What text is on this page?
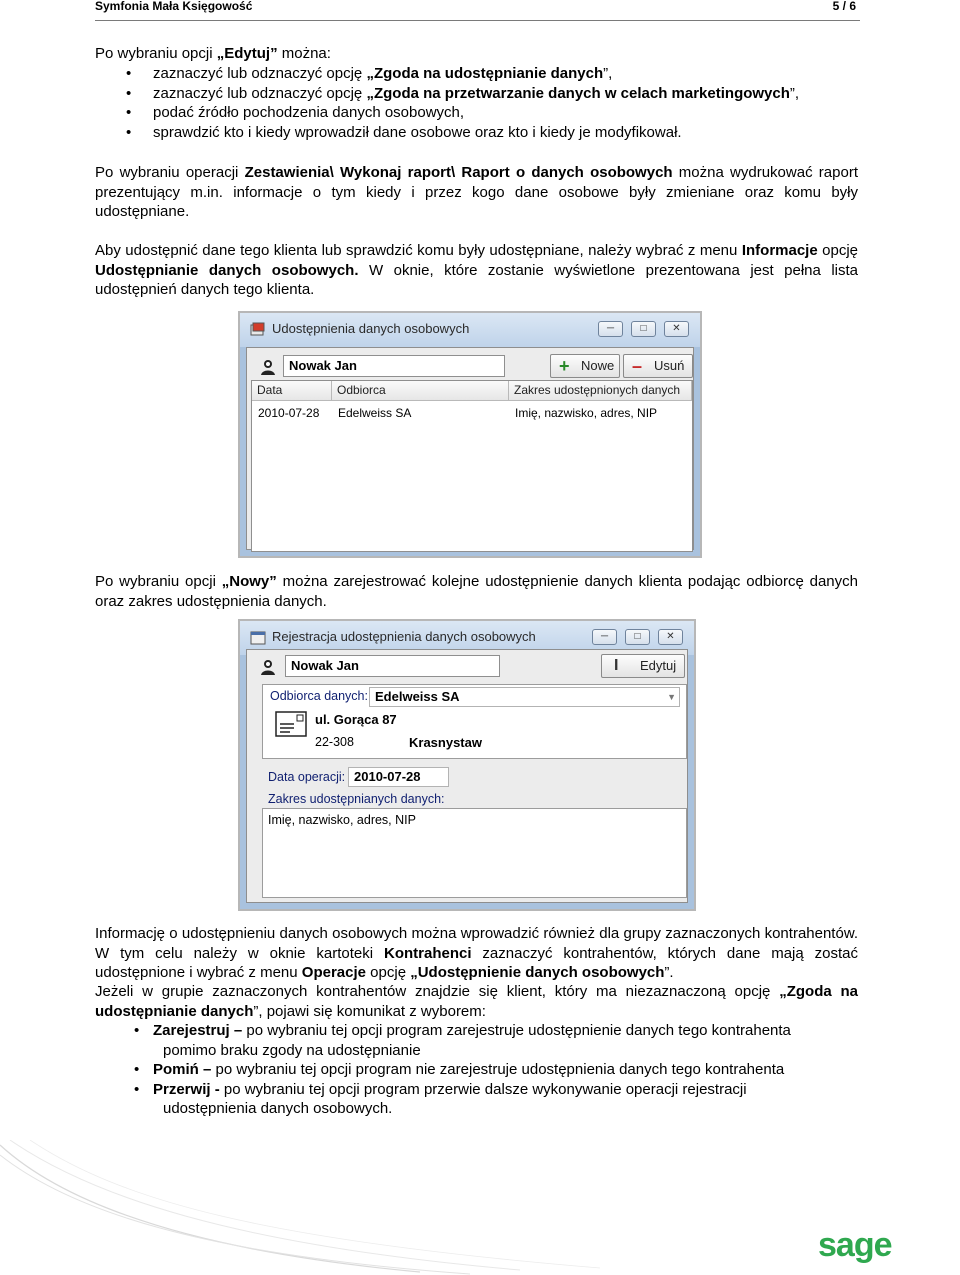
Symfonia Mała Księgowość	5 / 6
Po wybraniu opcji „Edytuj” można:
• zaznaczyć lub odznaczyć opcję „Zgoda na udostępnianie danych”,
• zaznaczyć lub odznaczyć opcję „Zgoda na przetwarzanie danych w celach marketingowych”,
• podać źródło pochodzenia danych osobowych,
• sprawdzić kto i kiedy wprowadził dane osobowe oraz kto i kiedy je modyfikował.
Po wybraniu operacji Zestawienia\ Wykonaj raport\ Raport o danych osobowych można wydrukować raport prezentujący m.in. informacje o tym kiedy i przez kogo dane osobowe były zmieniane oraz komu były udostępniane.
Aby udostępnić dane tego klienta lub sprawdzić komu były udostępniane, należy wybrać z menu Informacje opcję Udostępnianie danych osobowych. W oknie, które zostanie wyświetlone prezentowana jest pełna lista udostępnień danych tego klienta.
Udostępnienia danych osobowych	─	□	✕
Nowak Jan	+ Nowe – Usuń
Data	Odbiorca	Zakres udostępnionych danych
2010-07-28	Edelweiss SA	Imię, nazwisko, adres, NIP
Po wybraniu opcji „Nowy” można zarejestrować kolejne udostępnienie danych klienta podając odbiorcę danych oraz zakres udostępnienia danych.
Rejestracja udostępnienia danych osobowych	─	□	✕
Nowak Jan	I Edytuj
Odbiorca danych: Edelweiss SA	▼
ul. Gorąca 87
22-308	Krasnystaw
Data operacji: 2010-07-28
Zakres udostępnianych danych:
Imię, nazwisko, adres, NIP
Informację o udostępnieniu danych osobowych można wprowadzić również dla grupy zaznaczonych kontrahentów. W tym celu należy w oknie kartoteki Kontrahenci zaznaczyć kontrahentów, których dane mają zostać udostępnione i wybrać z menu Operacje opcję „Udostępnienie danych osobowych”.
Jeżeli w grupie zaznaczonych kontrahentów znajdzie się klient, który ma niezaznaczoną opcję „Zgoda na udostępnianie danych”, pojawi się komunikat z wyborem:
• Zarejestruj – po wybraniu tej opcji program zarejestruje udostępnienie danych tego kontrahenta
pomimo braku zgody na udostępnianie
• Pomiń – po wybraniu tej opcji program nie zarejestruje udostępnienia danych tego kontrahenta
• Przerwij - po wybraniu tej opcji program przerwie dalsze wykonywanie operacji rejestracji
udostępnienia danych osobowych.
sage
